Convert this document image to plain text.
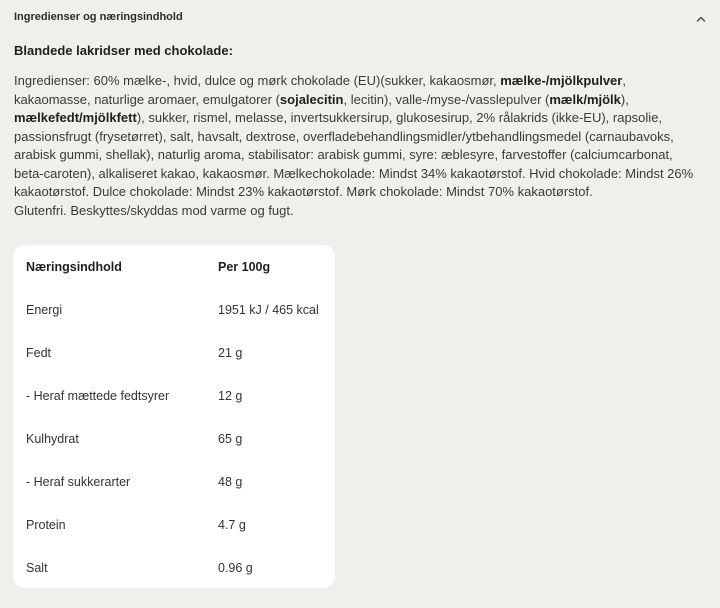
Ingredienser og næringsindhold
Blandede lakridser med chokolade:
Ingredienser: 60% mælke-, hvid, dulce og mørk chokolade (EU)(sukker, kakaosmør, mælke-/mjölkpulver,
kakaomasse, naturlige aromaer, emulgatorer (sojalecitin, lecitin), valle-/myse-/vasslepulver (mælk/mjölk),
mælkefedt/mjölkfett), sukker, rismel, melasse, invertsukkersirup, glukosesirup, 2% rålakrids (ikke-EU), rapsolie,
passionsfrugt (frysetørret), salt, havsalt, dextrose, overfladebehandlingsmidler/ytbehandlingsmedel (carnaubavoks,
arabisk gummi, shellak), naturlig aroma, stabilisator: arabisk gummi, syre: æblesyre, farvestoffer (calciumcarbonat,
beta-caroten), alkaliseret kakao, kakaosmør. Mælkechokolade: Mindst 34% kakaotørstof. Hvid chokolade: Mindst 26%
kakaotørstof. Dulce chokolade: Mindst 23% kakaotørstof. Mørk chokolade: Mindst 70% kakaotørstof.
Glutenfri. Beskyttes/skyddas mod varme og fugt.
Næringsindhold	Per 100g
Energi	1951 kJ / 465 kcal
Fedt	21 g
- Heraf mættede fedtsyrer	12 g
Kulhydrat	65 g
- Heraf sukkerarter	48 g
Protein	4.7 g
Salt	0.96 g
